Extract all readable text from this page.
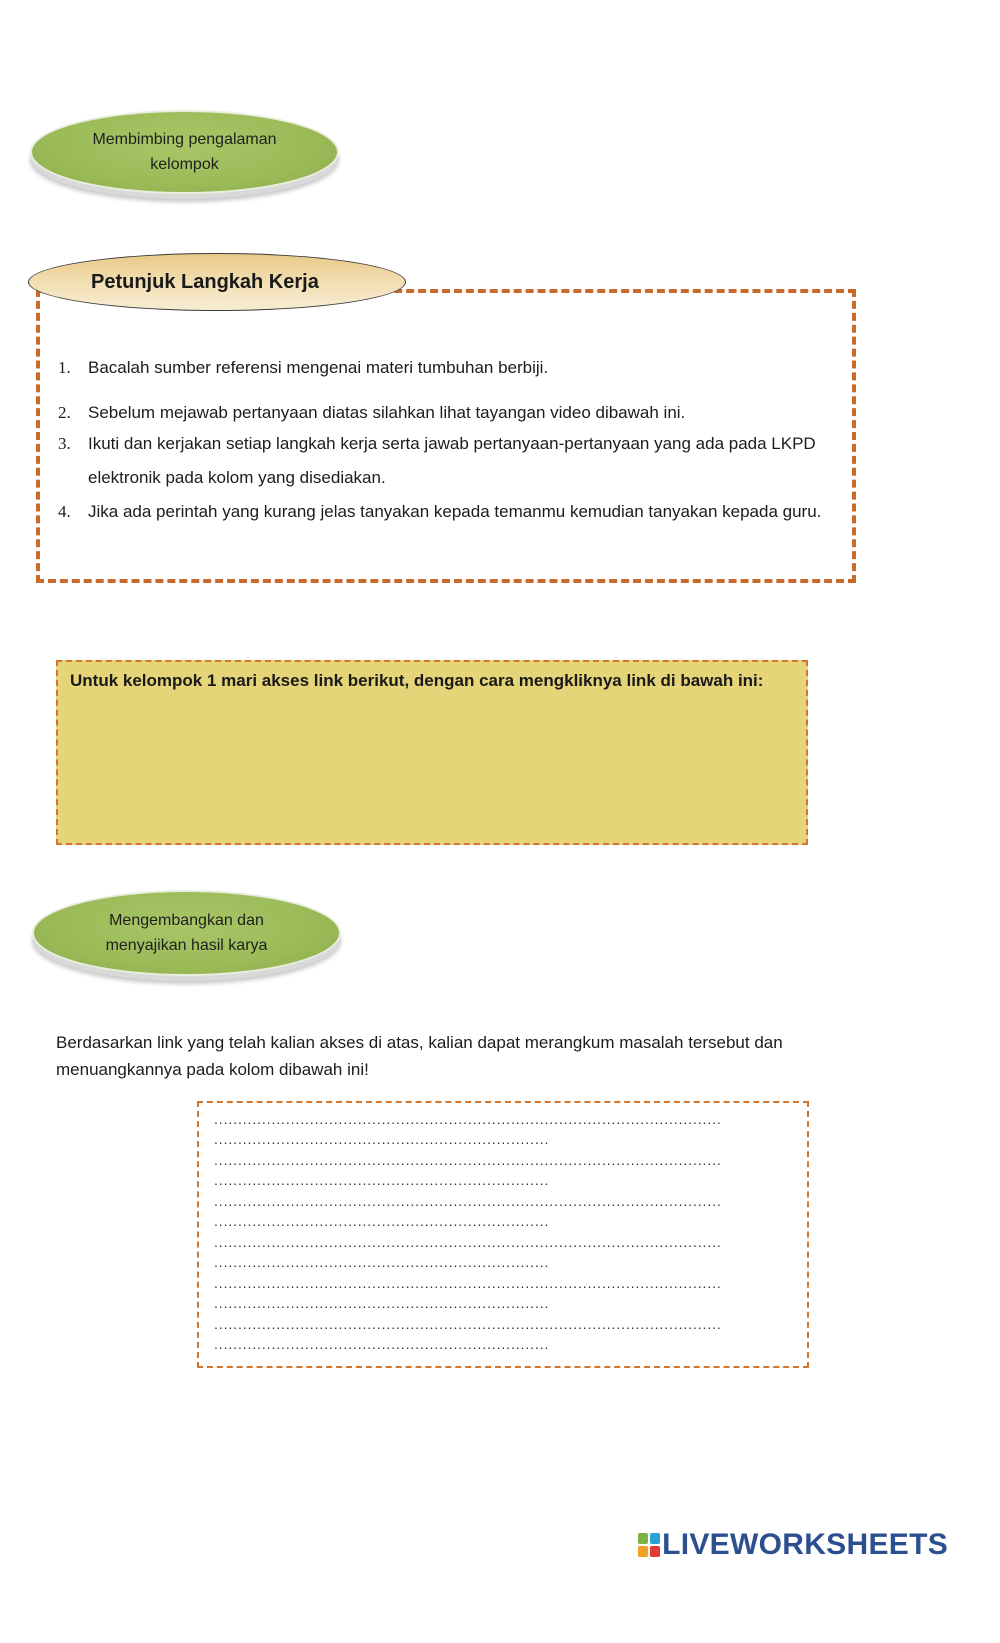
Membimbing pengalaman
kelompok
Petunjuk Langkah Kerja
1. Bacalah sumber referensi mengenai materi tumbuhan berbiji.
2. Sebelum mejawab pertanyaan diatas silahkan lihat tayangan video dibawah ini.
3. Ikuti dan kerjakan setiap langkah kerja serta jawab pertanyaan-pertanyaan yang ada pada LKPD
elektronik pada kolom yang disediakan.
4. Jika ada perintah yang kurang jelas tanyakan kepada temanmu kemudian tanyakan kepada guru.
Untuk kelompok 1 mari akses link berikut, dengan cara mengkliknya link di bawah ini:
Mengembangkan dan
menyajikan hasil karya
Berdasarkan link yang telah kalian akses di atas, kalian dapat merangkum masalah tersebut dan
menuangkannya pada kolom dibawah ini!
..........................................................................................................
......................................................................
..........................................................................................................
......................................................................
..........................................................................................................
......................................................................
..........................................................................................................
......................................................................
..........................................................................................................
......................................................................
..........................................................................................................
......................................................................
LIVEWORKSHEETS
